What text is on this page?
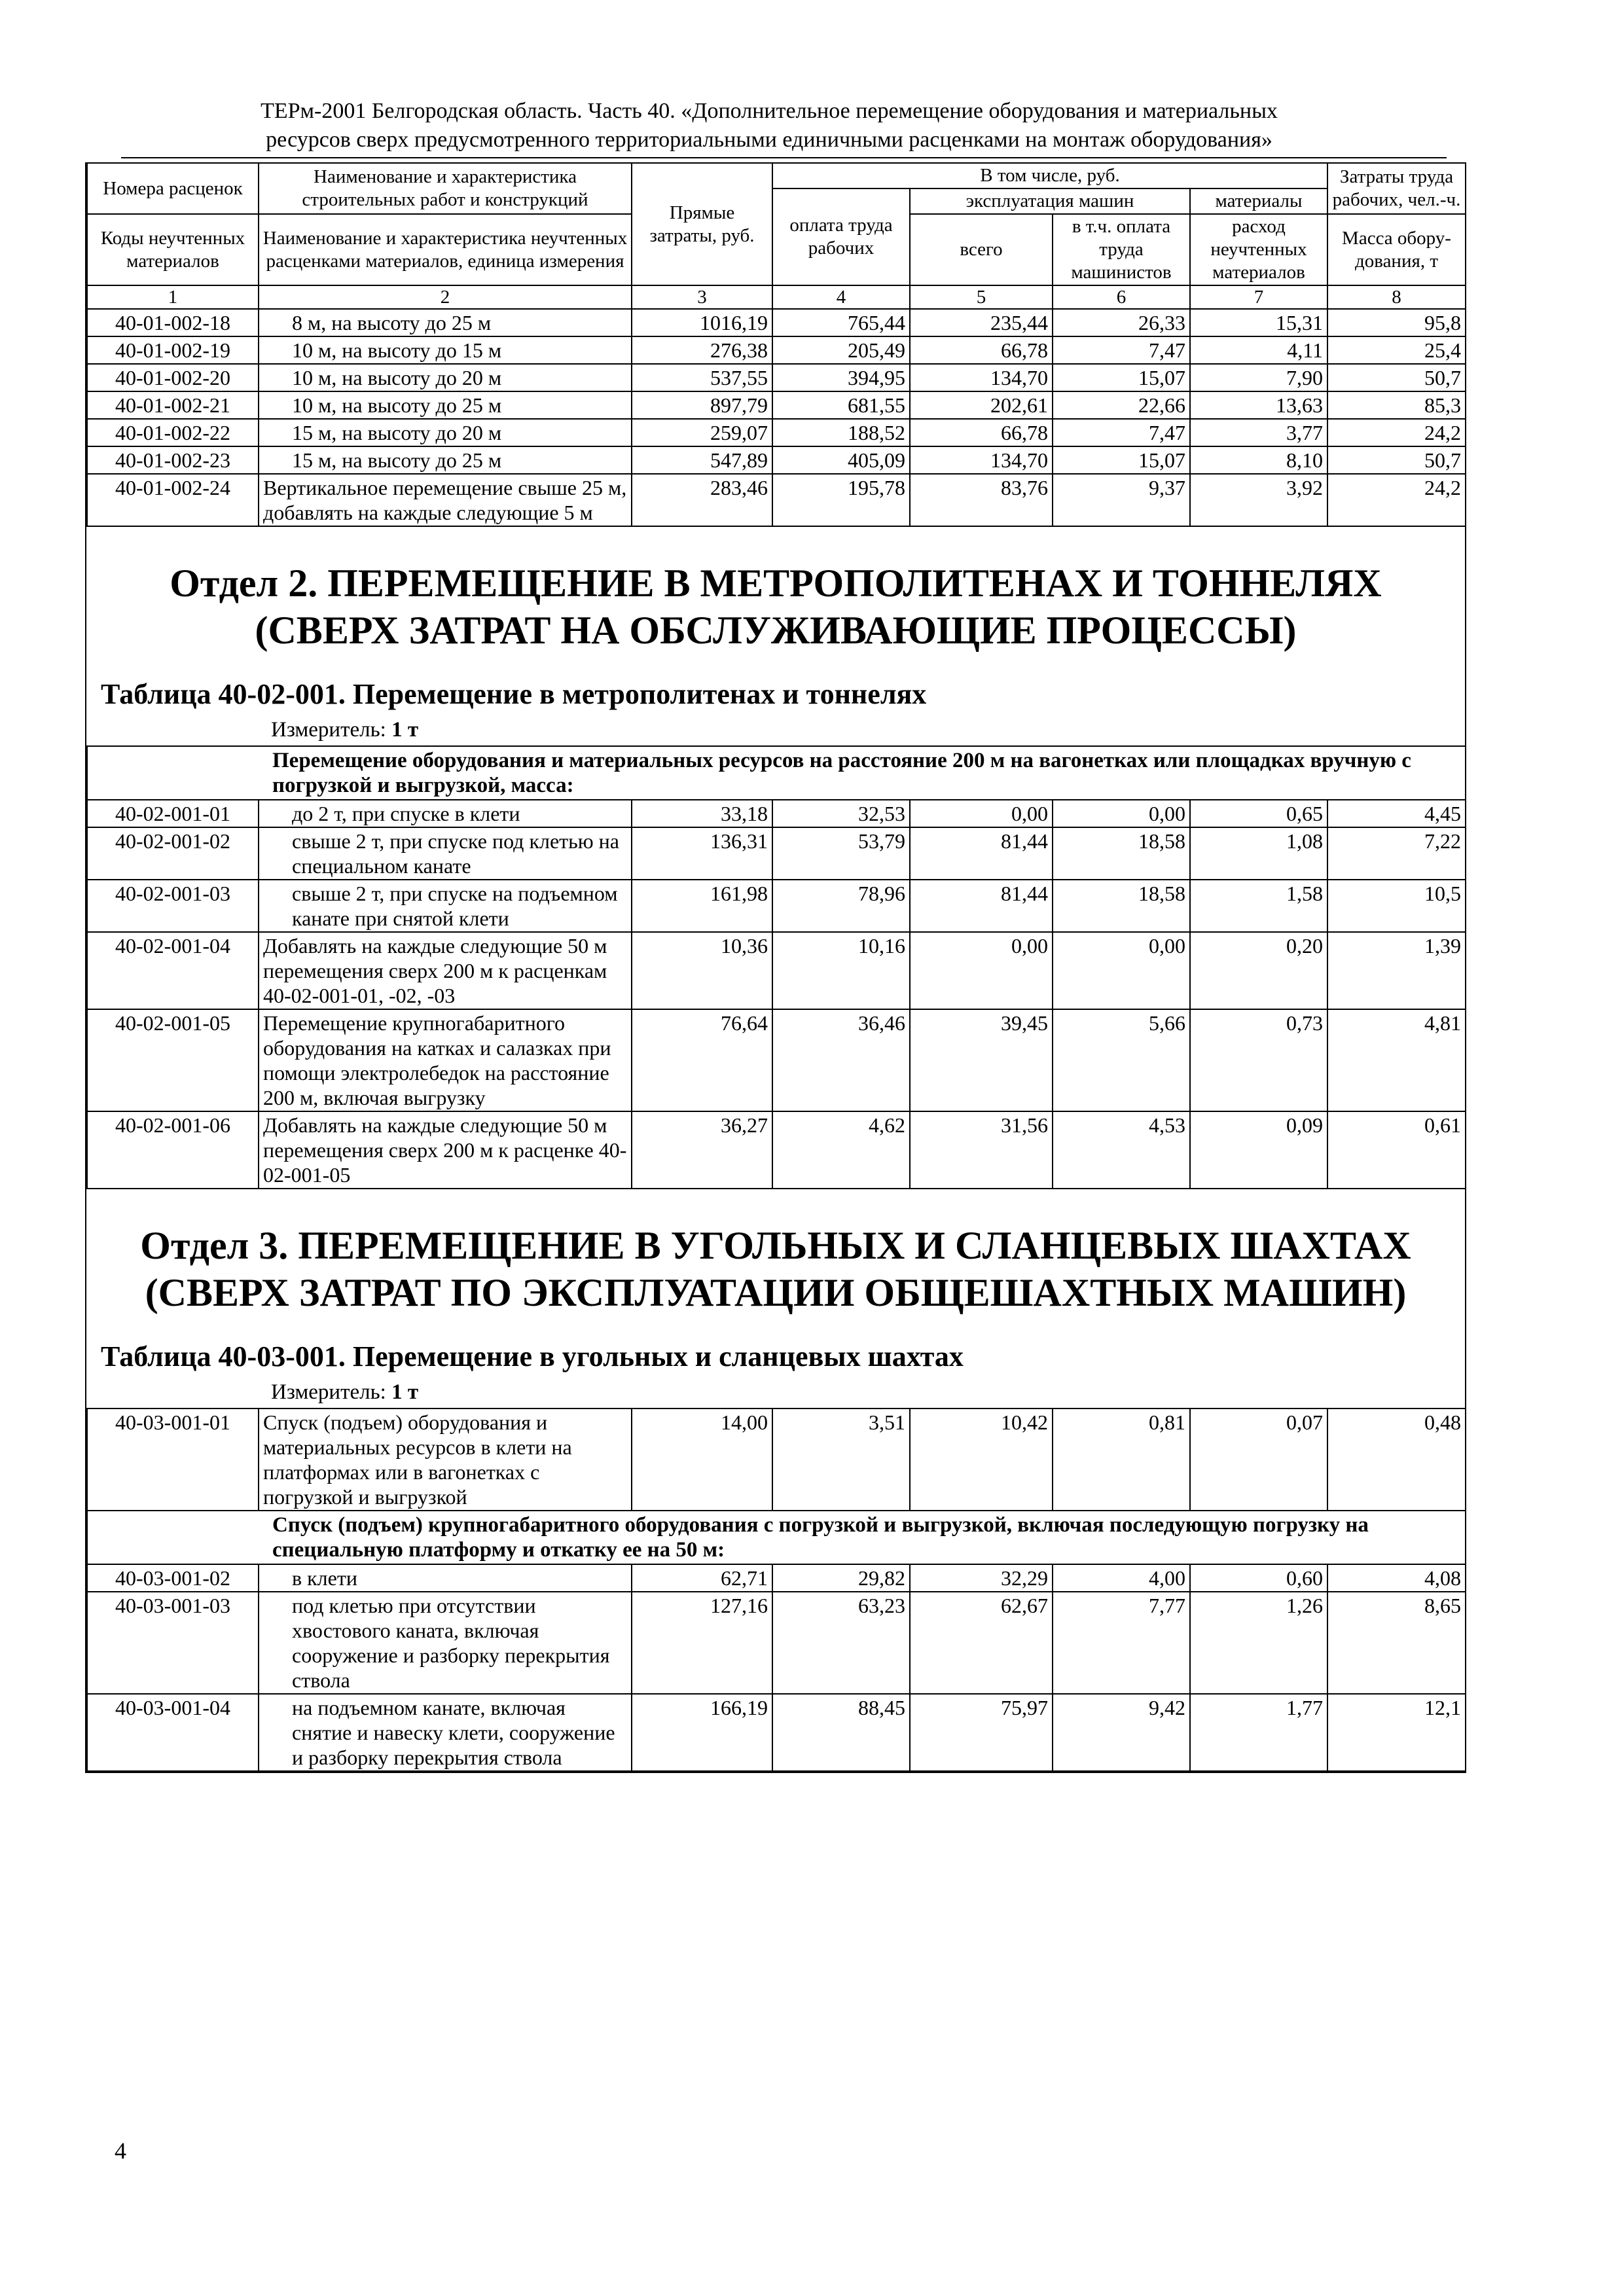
ТЕРм-2001 Белгородская область. Часть 40. «Дополнительное перемещение оборудования и материальных
ресурсов сверх предусмотренного территориальными единичными расценками на монтаж оборудования»
Номера расценок	Наименование и характеристика строительных работ и конструкций	Прямые затраты, руб.	В том числе, руб.				Затраты труда рабочих, чел.-ч.
			оплата труда рабочих	эксплуатация машин		материалы	
Коды неучтенных материалов	Наименование и характеристика неучтенных расценками материалов, единица измерения			всего	в т.ч. оплата труда машинистов	расход неучтенных материалов	
							Масса обору-дования, т
1	2	3	4	5	6	7	8
40-01-002-18	8 м, на высоту до 25 м	1016,19	765,44	235,44	26,33	15,31	95,8
40-01-002-19	10 м, на высоту до 15 м	276,38	205,49	66,78	7,47	4,11	25,4
40-01-002-20	10 м, на высоту до 20 м	537,55	394,95	134,70	15,07	7,90	50,7
40-01-002-21	10 м, на высоту до 25 м	897,79	681,55	202,61	22,66	13,63	85,3
40-01-002-22	15 м, на высоту до 20 м	259,07	188,52	66,78	7,47	3,77	24,2
40-01-002-23	15 м, на высоту до 25 м	547,89	405,09	134,70	15,07	8,10	50,7
40-01-002-24	Вертикальное перемещение свыше 25 м, добавлять на каждые следующие 5 м	283,46	195,78	83,76	9,37	3,92	24,2
Отдел 2. ПЕРЕМЕЩЕНИЕ В МЕТРОПОЛИТЕНАХ И ТОННЕЛЯХ (СВЕРХ ЗАТРАТ НА ОБСЛУЖИВАЮЩИЕ ПРОЦЕССЫ)
Таблица 40-02-001. Перемещение в метрополитенах и тоннелях
Измеритель: 1 т
Перемещение оборудования и материальных ресурсов на расстояние 200 м на вагонетках или площадках вручную с погрузкой и выгрузкой, масса:							
40-02-001-01	до 2 т, при спуске в клети	33,18	32,53	0,00	0,00	0,65	4,45
40-02-001-02	свыше 2 т, при спуске под клетью на специальном канате	136,31	53,79	81,44	18,58	1,08	7,22
40-02-001-03	свыше 2 т, при спуске на подъемном канате при снятой клети	161,98	78,96	81,44	18,58	1,58	10,5
40-02-001-04	Добавлять на каждые следующие 50 м перемещения сверх 200 м к расценкам 40-02-001-01, -02, -03	10,36	10,16	0,00	0,00	0,20	1,39
40-02-001-05	Перемещение крупногабаритного оборудования на катках и салазках при помощи электролебедок на расстояние 200 м, включая выгрузку	76,64	36,46	39,45	5,66	0,73	4,81
40-02-001-06	Добавлять на каждые следующие 50 м перемещения сверх 200 м к расценке 40-02-001-05	36,27	4,62	31,56	4,53	0,09	0,61
Отдел 3. ПЕРЕМЕЩЕНИЕ В УГОЛЬНЫХ И СЛАНЦЕВЫХ ШАХТАХ (СВЕРХ ЗАТРАТ ПО ЭКСПЛУАТАЦИИ ОБЩЕШАХТНЫХ МАШИН)
Таблица 40-03-001. Перемещение в угольных и сланцевых шахтах
Измеритель: 1 т
40-03-001-01	Спуск (подъем) оборудования и материальных ресурсов в клети на платформах или в вагонетках с погрузкой и выгрузкой	14,00	3,51	10,42	0,81	0,07	0,48
Спуск (подъем) крупногабаритного оборудования с погрузкой и выгрузкой, включая последующую погрузку на специальную платформу и откатку ее на 50 м:							
40-03-001-02	в клети	62,71	29,82	32,29	4,00	0,60	4,08
40-03-001-03	под клетью при отсутствии хвостового каната, включая сооружение и разборку перекрытия ствола	127,16	63,23	62,67	7,77	1,26	8,65
40-03-001-04	на подъемном канате, включая снятие и навеску клети, сооружение и разборку перекрытия ствола	166,19	88,45	75,97	9,42	1,77	12,1
4
